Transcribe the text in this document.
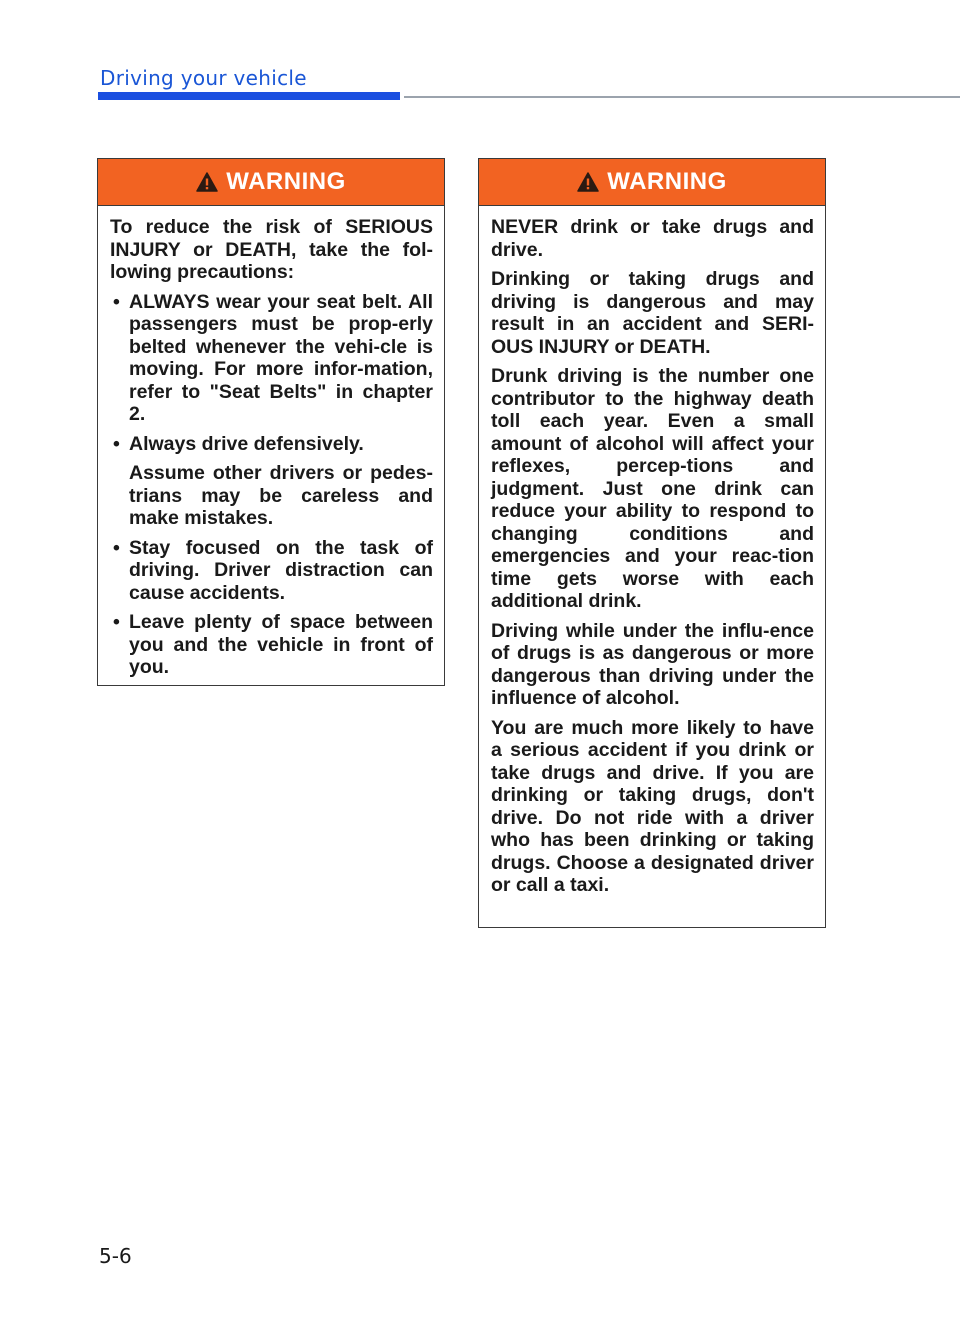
Driving your vehicle
WARNING

To reduce the risk of SERIOUS INJURY or DEATH, take the fol-lowing precautions:

• ALWAYS wear your seat belt. All passengers must be prop-erly belted whenever the vehi-cle is moving. For more infor-mation, refer to "Seat Belts" in chapter 2.
• Always drive defensively.
Assume other drivers or pedes-trians may be careless and make mistakes.
• Stay focused on the task of driving. Driver distraction can cause accidents.
• Leave plenty of space between you and the vehicle in front of you.
WARNING

NEVER drink or take drugs and drive.

Drinking or taking drugs and driving is dangerous and may result in an accident and SERI-OUS INJURY or DEATH.

Drunk driving is the number one contributor to the highway death toll each year. Even a small amount of alcohol will affect your reflexes, percep-tions and judgment. Just one drink can reduce your ability to respond to changing conditions and emergencies and your reac-tion time gets worse with each additional drink.

Driving while under the influ-ence of drugs is as dangerous or more dangerous than driving under the influence of alcohol.

You are much more likely to have a serious accident if you drink or take drugs and drive. If you are drinking or taking drugs, don't drive. Do not ride with a driver who has been drinking or taking drugs. Choose a designated driver or call a taxi.

5-6
